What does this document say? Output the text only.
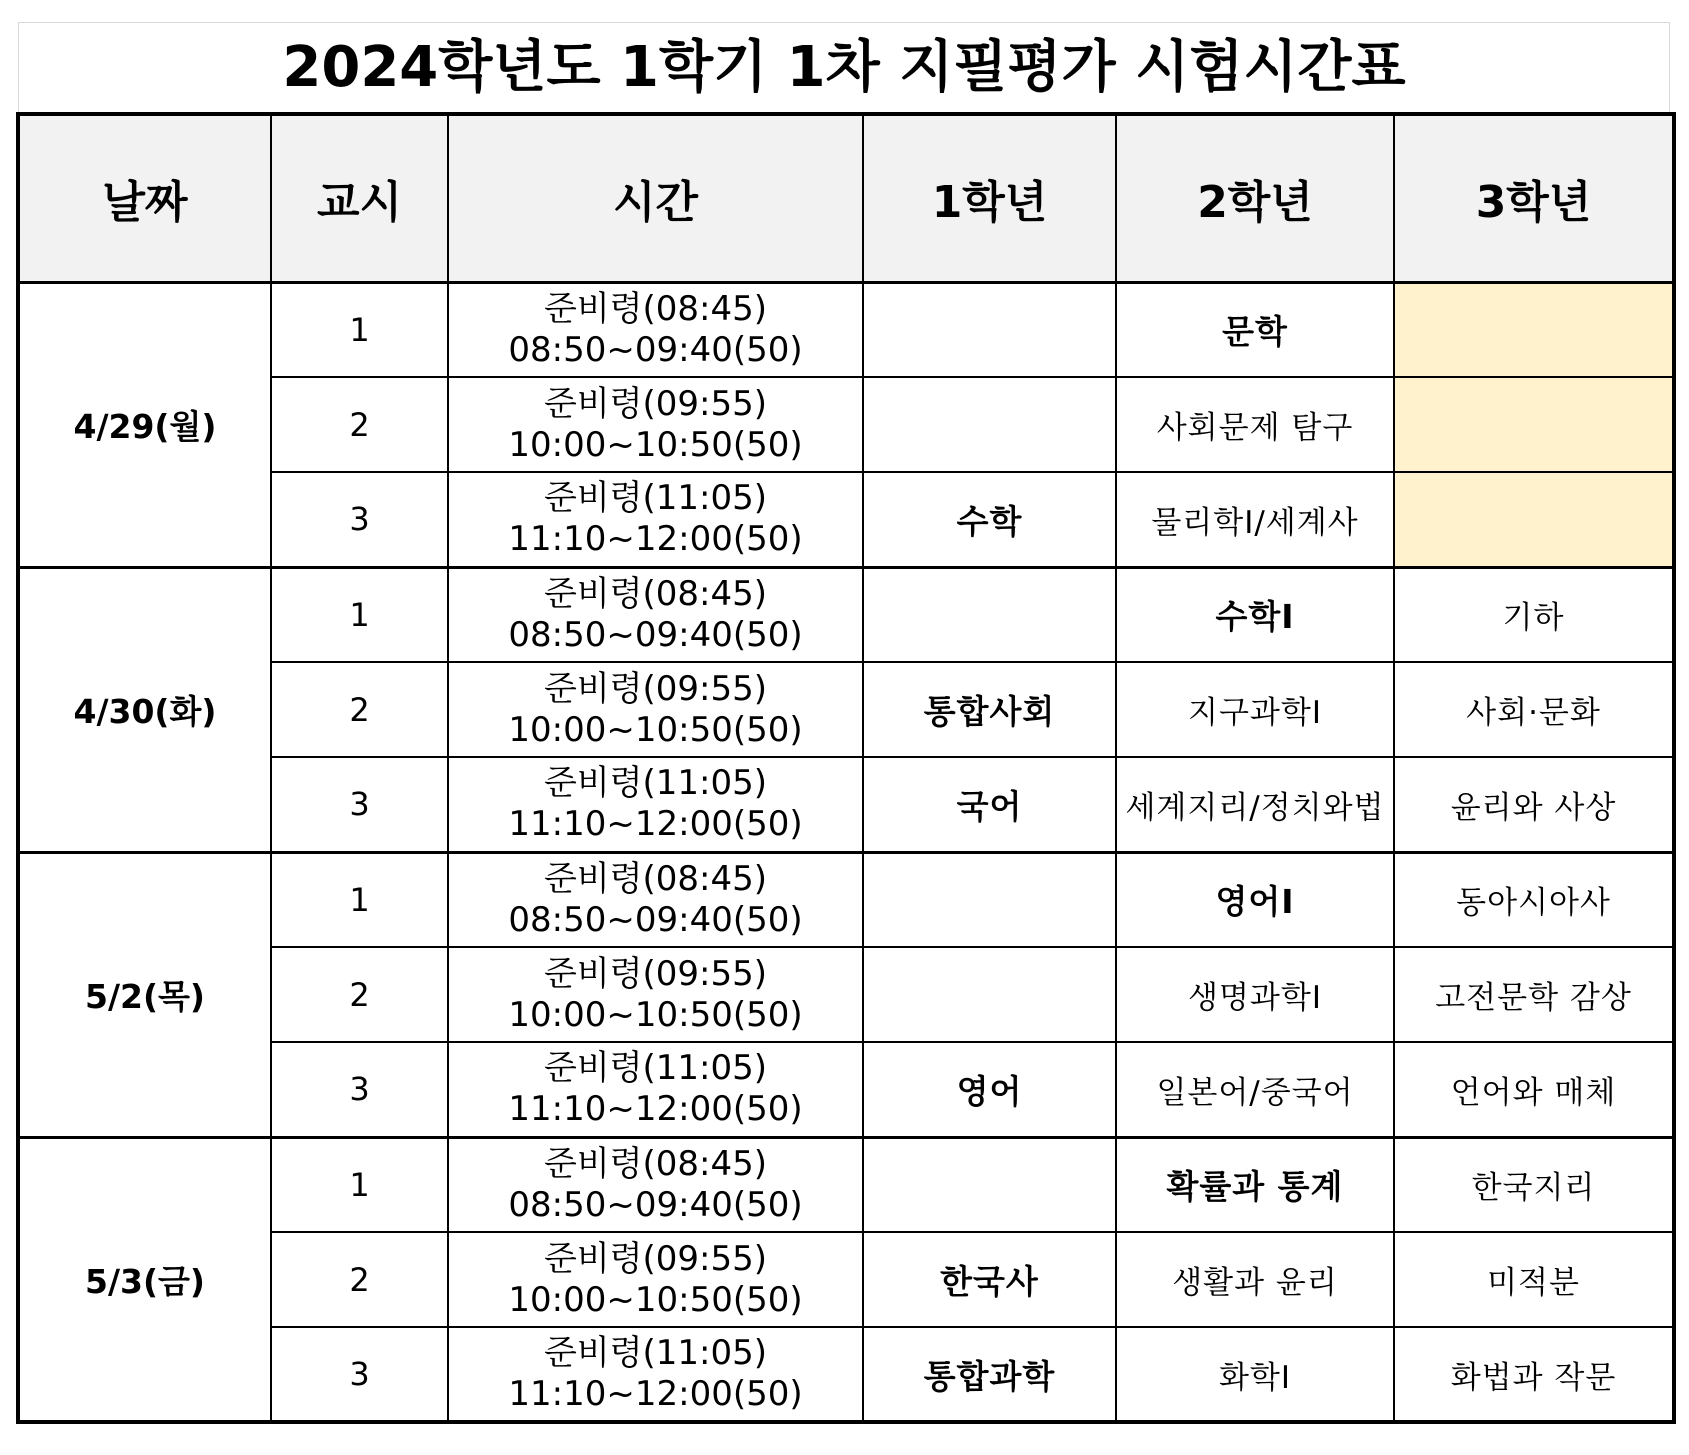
2024학년도 1학기 1차 지필평가 시험시간표
날짜	교시	시간	1학년	2학년	3학년
4/29(월)	1	준비령(08:45)
08:50~09:40(50)		문학	
	2	준비령(09:55)
10:00~10:50(50)		사회문제 탐구	
	3	준비령(11:05)
11:10~12:00(50)	수학	물리학Ⅰ/세계사	
4/30(화)	1	준비령(08:45)
08:50~09:40(50)		수학Ⅰ	기하
	2	준비령(09:55)
10:00~10:50(50)	통합사회	지구과학Ⅰ	사회·문화
	3	준비령(11:05)
11:10~12:00(50)	국어	세계지리/정치와법	윤리와 사상
5/2(목)	1	준비령(08:45)
08:50~09:40(50)		영어Ⅰ	동아시아사
	2	준비령(09:55)
10:00~10:50(50)		생명과학Ⅰ	고전문학 감상
	3	준비령(11:05)
11:10~12:00(50)	영어	일본어/중국어	언어와 매체
5/3(금)	1	준비령(08:45)
08:50~09:40(50)		확률과 통계	한국지리
	2	준비령(09:55)
10:00~10:50(50)	한국사	생활과 윤리	미적분
	3	준비령(11:05)
11:10~12:00(50)	통합과학	화학Ⅰ	화법과 작문
